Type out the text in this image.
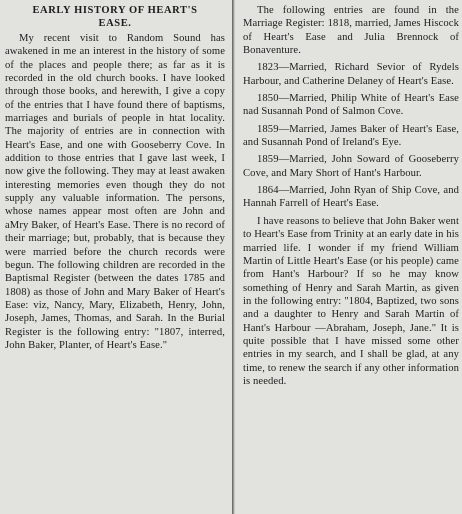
EARLY HISTORY OF HEART'S
EASE.

My recent visit to Random Sound has awakened in me an interest in the history of some of the places and people there; as far as it is recorded in the old church books. I have looked through those books, and herewith, I give a copy of the entries that I have found there of baptisms, marriages and burials of people in htat locality. The majority of entries are in connection with Heart's Ease, and one with Gooseberry Cove. In addition to those entries that I gave last week, I now give the following. They may at least awaken interesting memories even though they do not supply any valuable information. The persons, whose names appear most often are John and aMry Baker, of Heart's Ease. There is no record of their marriage; but, probably, that is because they were married before the church records were begun. The following children are recorded in the Baptismal Register (between the dates 1785 and 1808) as those of John and Mary Baker of Heart's Ease: viz, Nancy, Mary, Elizabeth, Henry, John, Joseph, James, Thomas, and Sarah. In the Burial Register is the following entry: "1807, interred, John Baker, Planter, of Heart's Ease."

The following entries are found in the Marriage Register: 1818, married, James Hiscock of Heart's Ease and Julia Brennock of Bonaventure.

1823—Married, Richard Sevior of Rydels Harbour, and Catherine Delaney of Heart's Ease.

1850—Married, Philip White of Heart's Ease nad Susannah Pond of Salmon Cove.

1859—Married, James Baker of Heart's Ease, and Susannah Pond of Ireland's Eye.

1859—Married, John Soward of Gooseberry Cove, and Mary Short of Hant's Harbour.

1864—Married, John Ryan of Ship Cove, and Hannah Farrell of Heart's Ease.

I have reasons to believe that John Baker went to Heart's Ease from Trinity at an early date in his married life. I wonder if my friend William Martin of Little Heart's Ease (or his people) came from Hant's Harbour? If so he may know something of Henry and Sarah Martin, as given in the following entry: "1804, Baptized, two sons and a daughter to Henry and Sarah Martin of Hant's Harbour —Abraham, Joseph, Jane." It is quite possible that I have missed some other entries in my search, and I shall be glad, at any time, to renew the search if any other information is needed.
